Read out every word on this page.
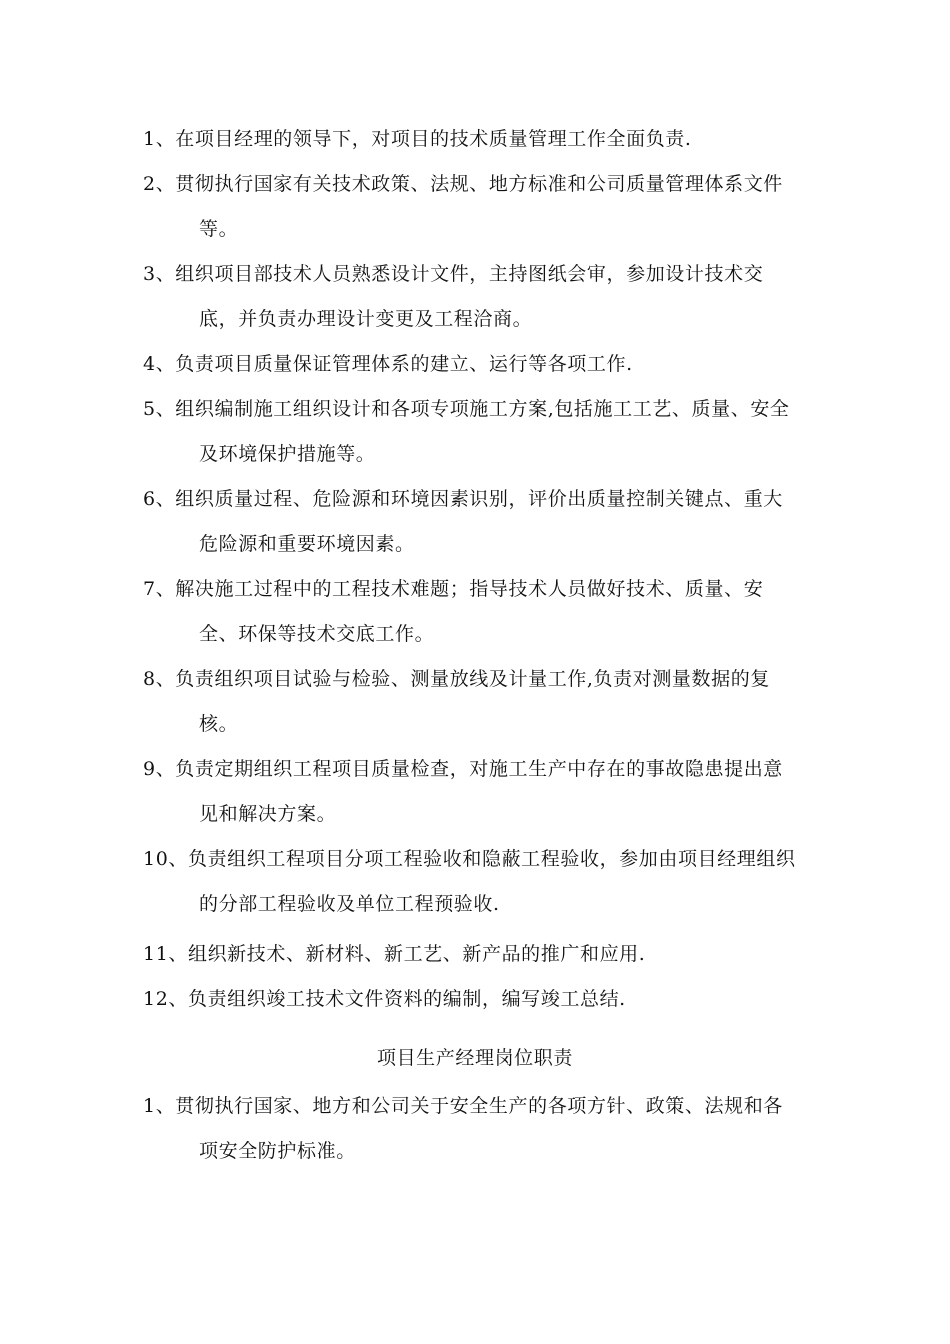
1、在项目经理的领导下，对项目的技术质量管理工作全面负责.
2、贯彻执行国家有关技术政策、法规、地方标准和公司质量管理体系文件
等。
3、组织项目部技术人员熟悉设计文件，主持图纸会审，参加设计技术交
底，并负责办理设计变更及工程洽商。
4、负责项目质量保证管理体系的建立、运行等各项工作.
5、组织编制施工组织设计和各项专项施工方案,包括施工工艺、质量、安全
及环境保护措施等。
6、组织质量过程、危险源和环境因素识别，评价出质量控制关键点、重大
危险源和重要环境因素。
7、解决施工过程中的工程技术难题；指导技术人员做好技术、质量、安
全、环保等技术交底工作。
8、负责组织项目试验与检验、测量放线及计量工作,负责对测量数据的复
核。
9、负责定期组织工程项目质量检查，对施工生产中存在的事故隐患提出意
见和解决方案。
10、负责组织工程项目分项工程验收和隐蔽工程验收，参加由项目经理组织
的分部工程验收及单位工程预验收.
11、组织新技术、新材料、新工艺、新产品的推广和应用.
12、负责组织竣工技术文件资料的编制，编写竣工总结.
项目生产经理岗位职责
1、贯彻执行国家、地方和公司关于安全生产的各项方针、政策、法规和各
项安全防护标准。
